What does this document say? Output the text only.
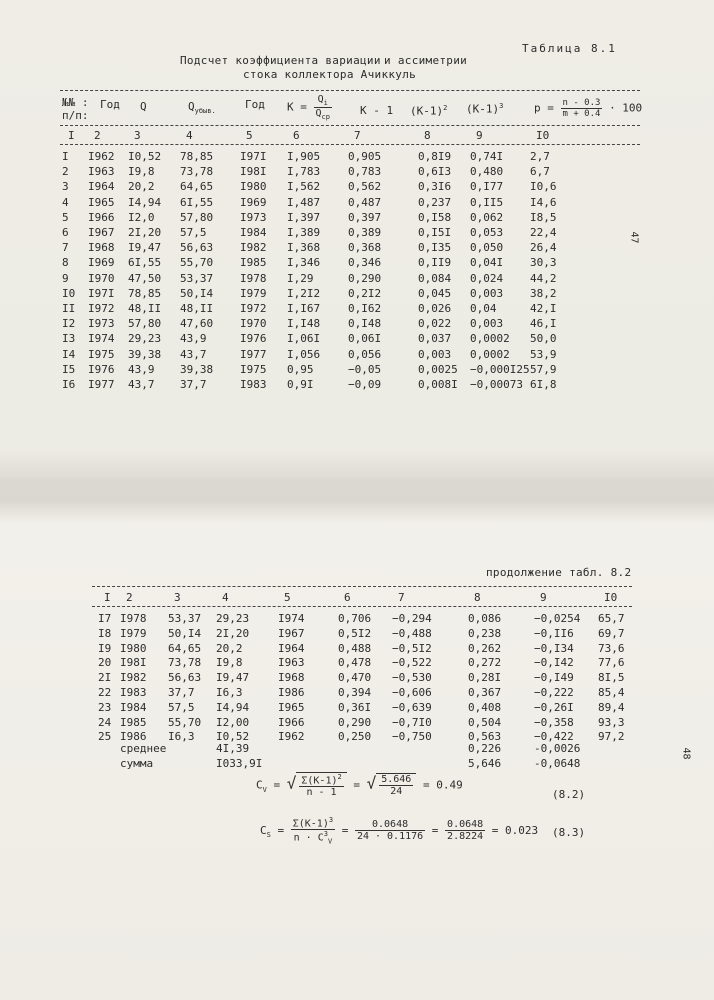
Таблица 8.1
Подсчет коэффициента вариации и ассиметрии
стока коллектора Ачиккуль
№№ : п/п:
Год Q	$Q_{убыв.}$
Год $K = \frac{Q_i}{Q_{ср}}$	K - 1 $(K-1)^2$ $(K-1)^3$	$p = \frac{n - 0.3}{m + 0.4} \cdot 100$
I 2	3	4	5	6	7	8	9	I0
I I962 I0,52 78,85 I97I I,905	0,905	0,8I9 0,74I 2,7
2 I963 I9,8 73,78 I98I I,783	0,783	0,6I3 0,480 6,7
3 I964 20,2 64,65 I980 I,562	0,562	0,3I6 0,I77 I0,6
4 I965 I4,94 6I,55 I969 I,487	0,487	0,237 0,II5 I4,6
5 I966 I2,0 57,80 I973 I,397	0,397	0,I58 0,062 I8,5
6 I967 2I,20 57,5	I984 I,389	0,389	0,I5I 0,053 22,4
7 I968 I9,47 56,63 I982 I,368	0,368	0,I35 0,050 26,4
8 I969 6I,55 55,70 I985 I,346	0,346	0,II9 0,04I 30,3
9 I970 47,50 53,37 I978 I,29	0,290	0,084 0,024 44,2
I0 I97I 78,85 50,I4 I979 I,2I2	0,2I2	0,045 0,003 38,2
II I972 48,II 48,II I972 I,I67	0,I62	0,026 0,04	42,I
I2 I973 57,80 47,60 I970 I,I48	0,I48	0,022 0,003 46,I
I3 I974 29,23 43,9	I976 I,06I	0,06I	0,037 0,0002 50,0
I4 I975 39,38 43,7	I977 I,056	0,056	0,003 0,0002 53,9
I5 I976 43,9 39,38 I975 0,95	−0,05	0,0025 −0,000I25 57,9
I6 I977 43,7 37,7	I983 0,9I	−0,09	0,008I −0,00073 6I,8
47
продолжение табл. 8.2
I 2	3	4	5	6	7	8	9	I0
I7 I978 53,37 29,23	I974	0,706 −0,294	0,086	−0,0254 65,7
I8 I979 50,I4 2I,20	I967	0,5I2 −0,488	0,238	−0,II6 69,7
I9 I980 64,65 20,2	I964	0,488 −0,5I2	0,262	−0,I34 73,6
20 I98I 73,78 I9,8	I963	0,478 −0,522	0,272	−0,I42 77,6
2I I982 56,63 I9,47	I968	0,470 −0,530	0,28I	−0,I49 8I,5
22 I983 37,7 I6,3	I986	0,394 −0,606	0,367	−0,222 85,4
23 I984 57,5 I4,94	I965	0,36I −0,639	0,408	−0,26I 89,4
24 I985 55,70 I2,00	I966	0,290 −0,7I0	0,504	−0,358 93,3
25 I986 I6,3 I0,52	I962	0,250 −0,750	0,563	−0,422 97,2
среднее	4I,39	0,226	-0,0026
сумма	I033,9I	5,646	-0,0648
$C_V$ = √ $\frac{\Sigma(K-1)^2}{n - 1}$ = √ $\frac{5.646}{24} = 0.49$
(8.2)
$C_S = \frac{\Sigma(K-1)^3}{n \cdot C^3_V} = \frac{0.0648}{24 \cdot 0.1176} = \frac{0.0648}{2.8224} = 0.023$ (8.3)
48
